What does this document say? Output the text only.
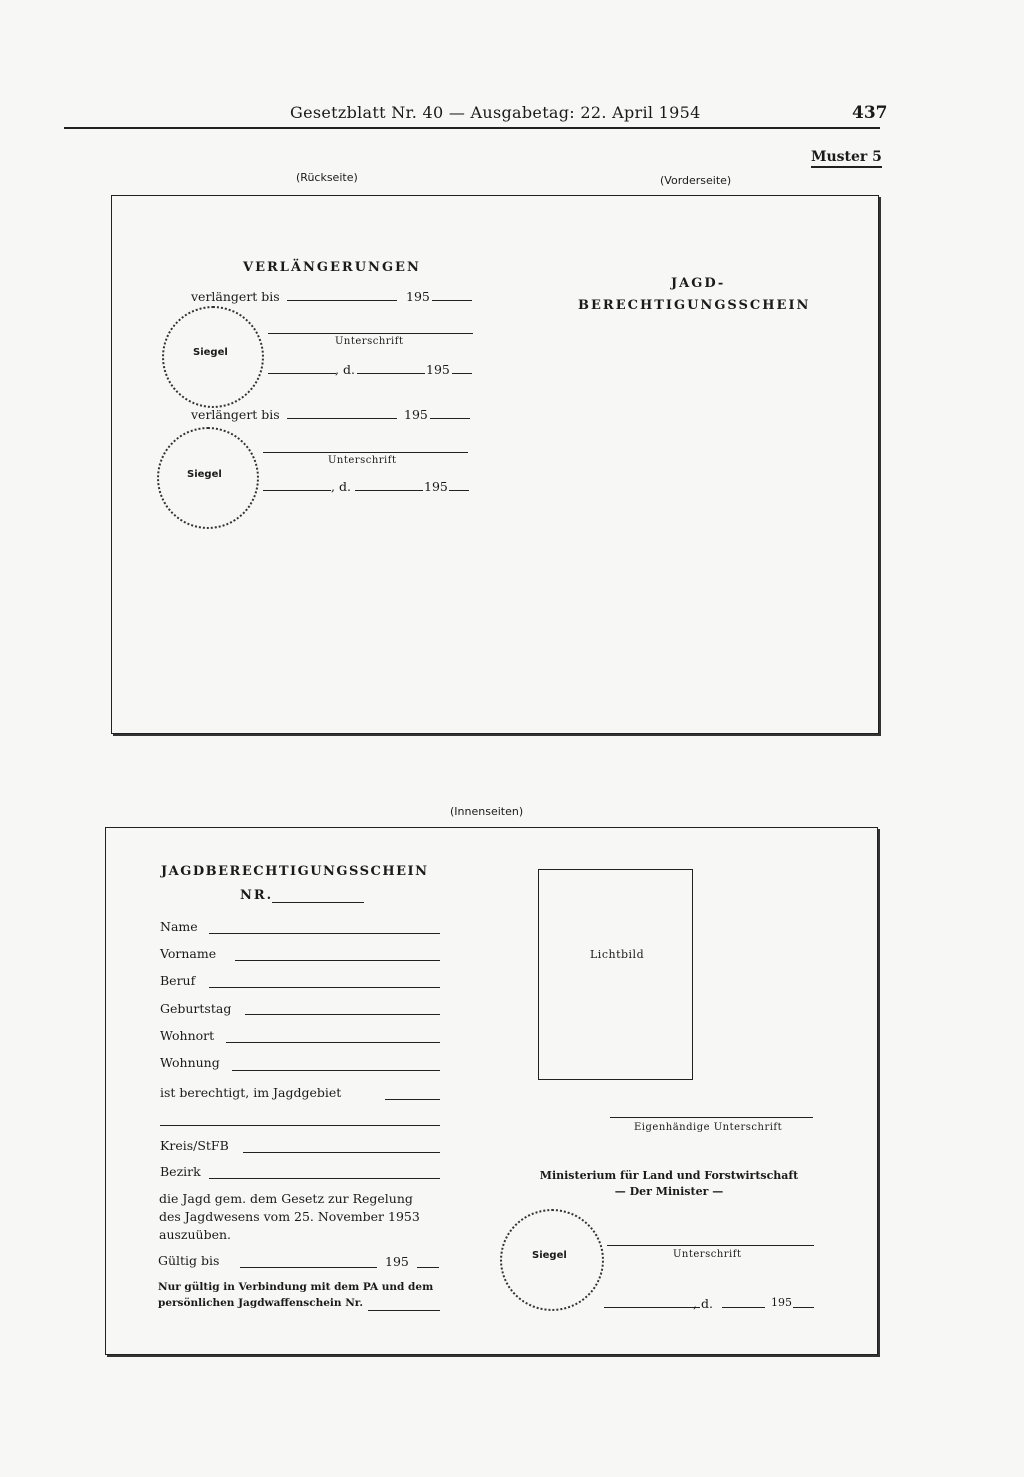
Gesetzblatt Nr. 40 — Ausgabetag: 22. April 1954	437
Muster 5
(Rückseite)	(Vorderseite)
VERLÄNGERUNGEN
verlängert bis	195
Siegel
Unterschrift
, d.	195
verlängert bis	195
Siegel
Unterschrift
, d.	195
JAGD-
BERECHTIGUNGSSCHEIN
(Innenseiten)
JAGDBERECHTIGUNGSSCHEIN
NR.
Name
Vorname
Beruf
Geburtstag
Wohnort
Wohnung
ist berechtigt, im Jagdgebiet
Kreis/StFB
Bezirk
die Jagd gem. dem Gesetz zur Regelung
des Jagdwesens vom 25. November 1953
auszuüben.
Gültig bis	195
Nur gültig in Verbindung mit dem PA und dem
persönlichen Jagdwaffenschein Nr.
Lichtbild
Eigenhändige Unterschrift
Ministerium für Land und Forstwirtschaft
— Der Minister —
Siegel	Unterschrift
, d.	195
